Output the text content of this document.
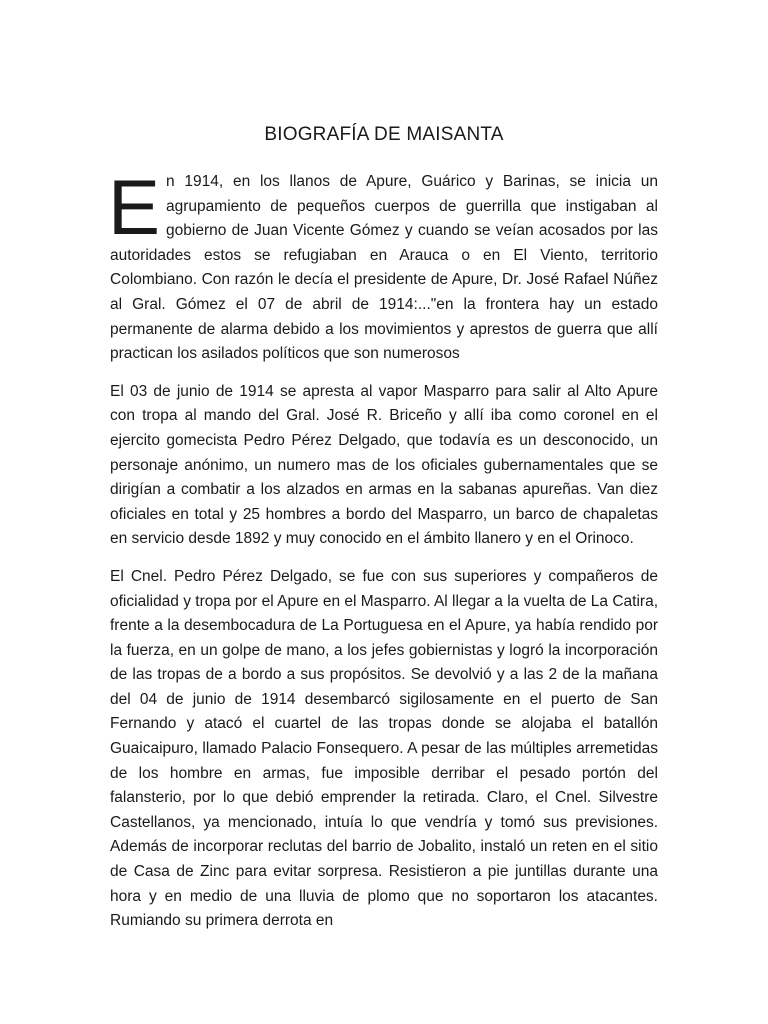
BIOGRAFÍA DE MAISANTA

En 1914, en los llanos de Apure, Guárico y Barinas, se inicia un agrupamiento de pequeños cuerpos de guerrilla que instigaban al gobierno de Juan Vicente Gómez y cuando se veían acosados por las autoridades estos se refugiaban en Arauca o en El Viento, territorio Colombiano. Con razón le decía el presidente de Apure, Dr. José Rafael Núñez al Gral. Gómez el 07 de abril de 1914:..."en la frontera hay un estado permanente de alarma debido a los movimientos y aprestos de guerra que allí practican los asilados políticos que son numerosos

El 03 de junio de 1914 se apresta al vapor Masparro para salir al Alto Apure con tropa al mando del Gral. José R. Briceño y allí iba como coronel en el ejercito gomecista Pedro Pérez Delgado, que todavía es un desconocido, un personaje anónimo, un numero mas de los oficiales gubernamentales que se dirigían a combatir a los alzados en armas en la sabanas apureñas. Van diez oficiales en total y 25 hombres a bordo del Masparro, un barco de chapaletas en servicio desde 1892 y muy conocido en el ámbito llanero y en el Orinoco.

El Cnel. Pedro Pérez Delgado, se fue con sus superiores y compañeros de oficialidad y tropa por el Apure en el Masparro. Al llegar a la vuelta de La Catira, frente a la desembocadura de La Portuguesa en el Apure, ya había rendido por la fuerza, en un golpe de mano, a los jefes gobiernistas y logró la incorporación de las tropas de a bordo a sus propósitos. Se devolvió y a las 2 de la mañana del 04 de junio de 1914 desembarcó sigilosamente en el puerto de San Fernando y atacó el cuartel de las tropas donde se alojaba el batallón Guaicaipuro, llamado Palacio Fonsequero. A pesar de las múltiples arremetidas de los hombre en armas, fue imposible derribar el pesado portón del falansterio, por lo que debió emprender la retirada. Claro, el Cnel. Silvestre Castellanos, ya mencionado, intuía lo que vendría y tomó sus previsiones. Además de incorporar reclutas del barrio de Jobalito, instaló un reten en el sitio de Casa de Zinc para evitar sorpresa. Resistieron a pie juntillas durante una hora y en medio de una lluvia de plomo que no soportaron los atacantes. Rumiando su primera derrota en
